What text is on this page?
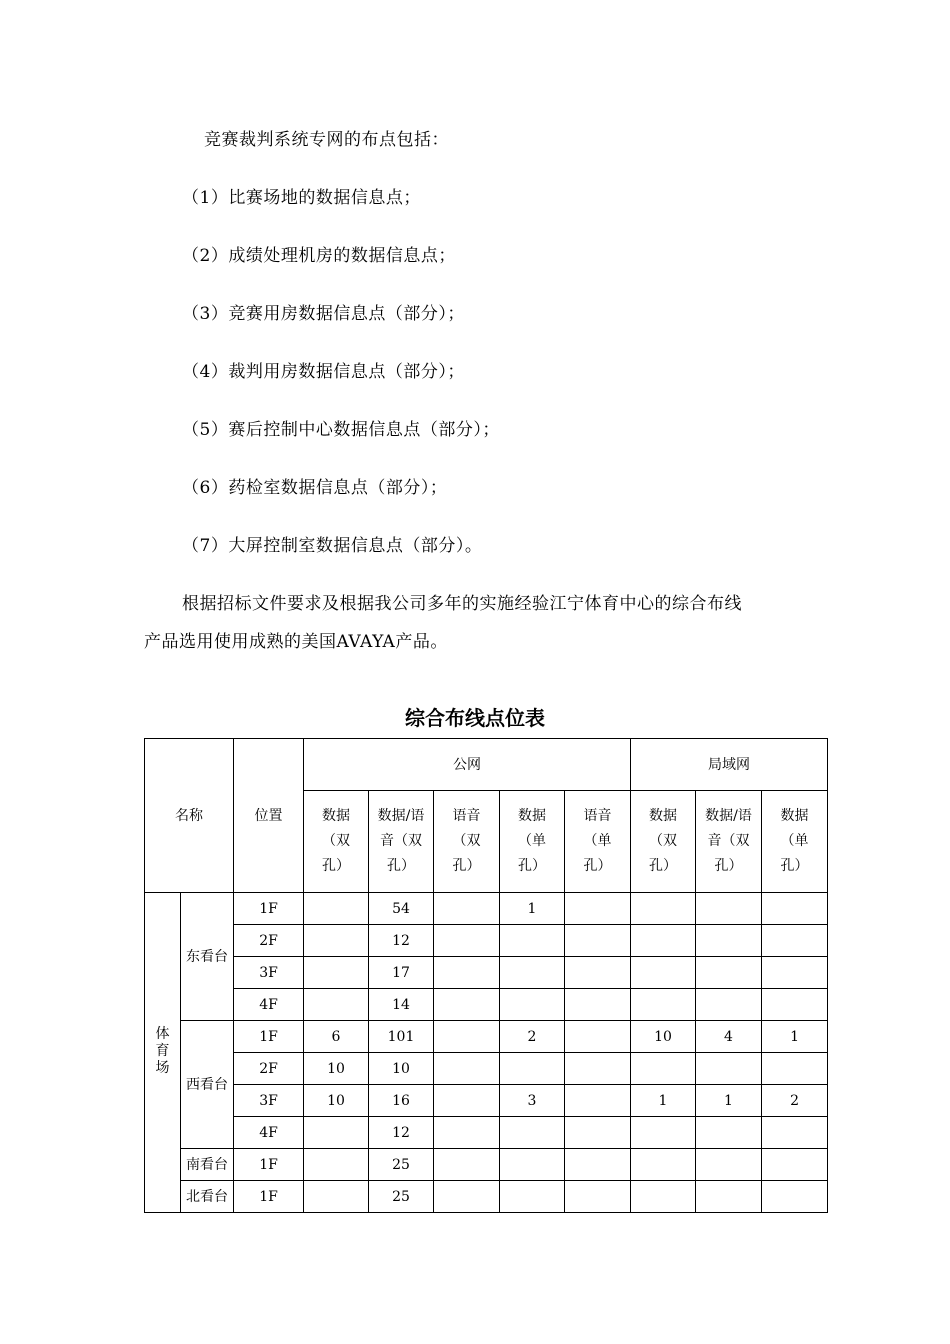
竞赛裁判系统专网的布点包括：
（1）比赛场地的数据信息点；
（2）成绩处理机房的数据信息点；
（3）竞赛用房数据信息点（部分）；
（4）裁判用房数据信息点（部分）；
（5）赛后控制中心数据信息点（部分）；
（6）药检室数据信息点（部分）；
（7）大屏控制室数据信息点（部分）。
根据招标文件要求及根据我公司多年的实施经验江宁体育中心的综合布线
产品选用使用成熟的美国AVAYA产品。
综合布线点位表
名称		位置	公网					局域网		
			数据（双孔）	数据/语音（双孔）	语音（双孔）	数据（单孔）	语音（单孔）	数据（双孔）	数据/语音（双孔）	数据（单孔）
体育场	东看台	1F		54		1				
		2F		12						
		3F		17						
		4F		14						
	西看台	1F	6	101		2		10	4	1
		2F	10	10						
		3F	10	16		3		1	1	2
		4F		12						
	南看台	1F		25						
	北看台	1F		25						
